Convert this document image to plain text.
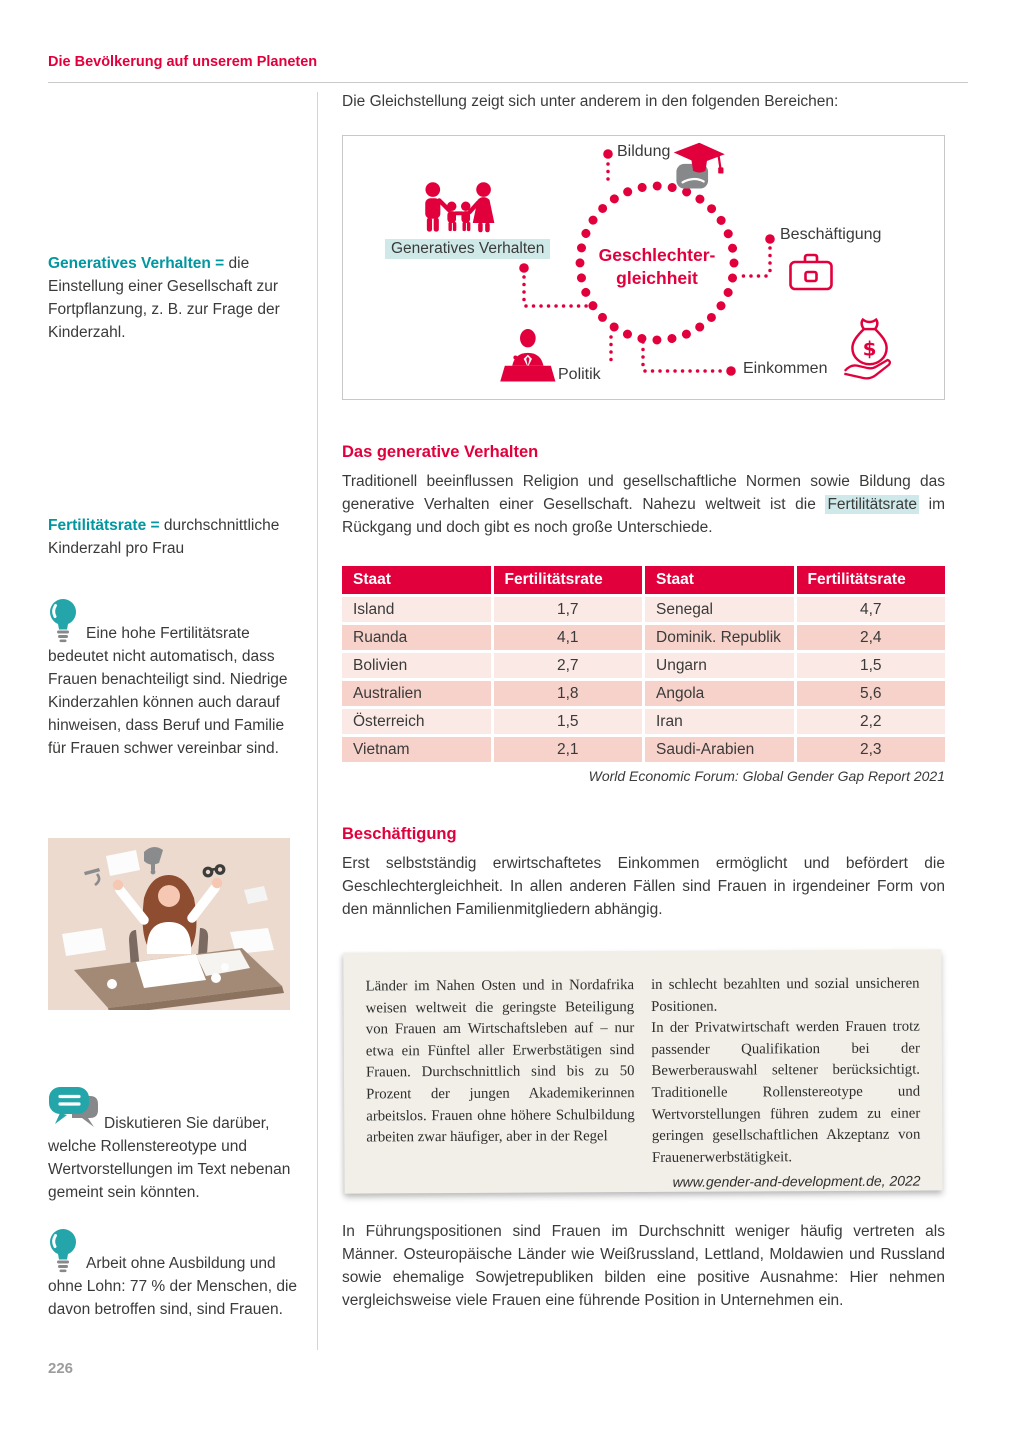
Die Bevölkerung auf unserem Planeten

Generatives Verhalten = die Einstellung einer Gesellschaft zur Fortpflanzung, z. B. zur Frage der Kinderzahl.

Fertilitätsrate = durchschnittliche Kinderzahl pro Frau

Eine hohe Fertilitätsrate bedeutet nicht automatisch, dass Frauen benachteiligt sind. Niedrige Kinderzahlen können auch darauf hinweisen, dass Beruf und Familie für Frauen schwer vereinbar sind.

Diskutieren Sie darüber, welche Rollenstereotype und Wertvorstellungen im Text nebenan gemeint sein könnten.

Arbeit ohne Ausbildung und ohne Lohn: 77 % der Menschen, die davon betroffen sind, sind Frauen.

226

Die Gleichstellung zeigt sich unter anderem in den folgenden Bereichen:

$
Bildung
Beschäftigung
Einkommen
Politik
Generatives Verhalten	Geschlechter-
gleichheit
Das generative Verhalten

Traditionell beeinflussen Religion und gesellschaftliche Normen sowie Bildung das generative Verhalten einer Gesellschaft. Nahezu weltweit ist die Fertilitätsrate im Rückgang und doch gibt es noch große Unterschiede.

Staat	Fertilitätsrate	Staat	Fertilitätsrate
Island	1,7	Senegal	4,7
Ruanda	4,1	Dominik. Republik	2,4
Bolivien	2,7	Ungarn	1,5
Australien	1,8	Angola	5,6
Österreich	1,5	Iran	2,2
Vietnam	2,1	Saudi-Arabien	2,3

World Economic Forum: Global Gender Gap Report 2021

Beschäftigung

Erst selbstständig erwirtschaftetes Einkommen ermöglicht und befördert die Geschlechtergleichheit. In allen anderen Fällen sind Frauen in irgendeiner Form von den männlichen Familienmitgliedern abhängig.

Länder im Nahen Osten und in Nordafrika weisen weltweit die geringste Beteiligung von Frauen am Wirtschaftsleben auf – nur etwa ein Fünftel aller Erwerbstätigen sind Frauen. Durchschnittlich sind bis zu 50 Prozent der jungen Akademikerinnen arbeitslos. Frauen ohne höhere Schulbildung arbeiten zwar häufiger, aber in der Regel

in schlecht bezahlten und sozial unsicheren Positionen.

In der Privatwirtschaft werden Frauen trotz passender Qualifikation bei der Bewerberauswahl seltener berücksichtigt. Traditionelle Rollenstereotype und Wertvorstellungen führen zudem zu einer geringen gesellschaftlichen Akzeptanz von Frauenerwerbstätigkeit.

www.gender-and-development.de, 2022

In Führungspositionen sind Frauen im Durchschnitt weniger häufig vertreten als Männer. Osteuropäische Länder wie Weißrussland, Lettland, Moldawien und Russland sowie ehemalige Sowjetrepubliken bilden eine positive Ausnahme: Hier nehmen vergleichsweise viele Frauen eine führende Position in Unternehmen ein.
